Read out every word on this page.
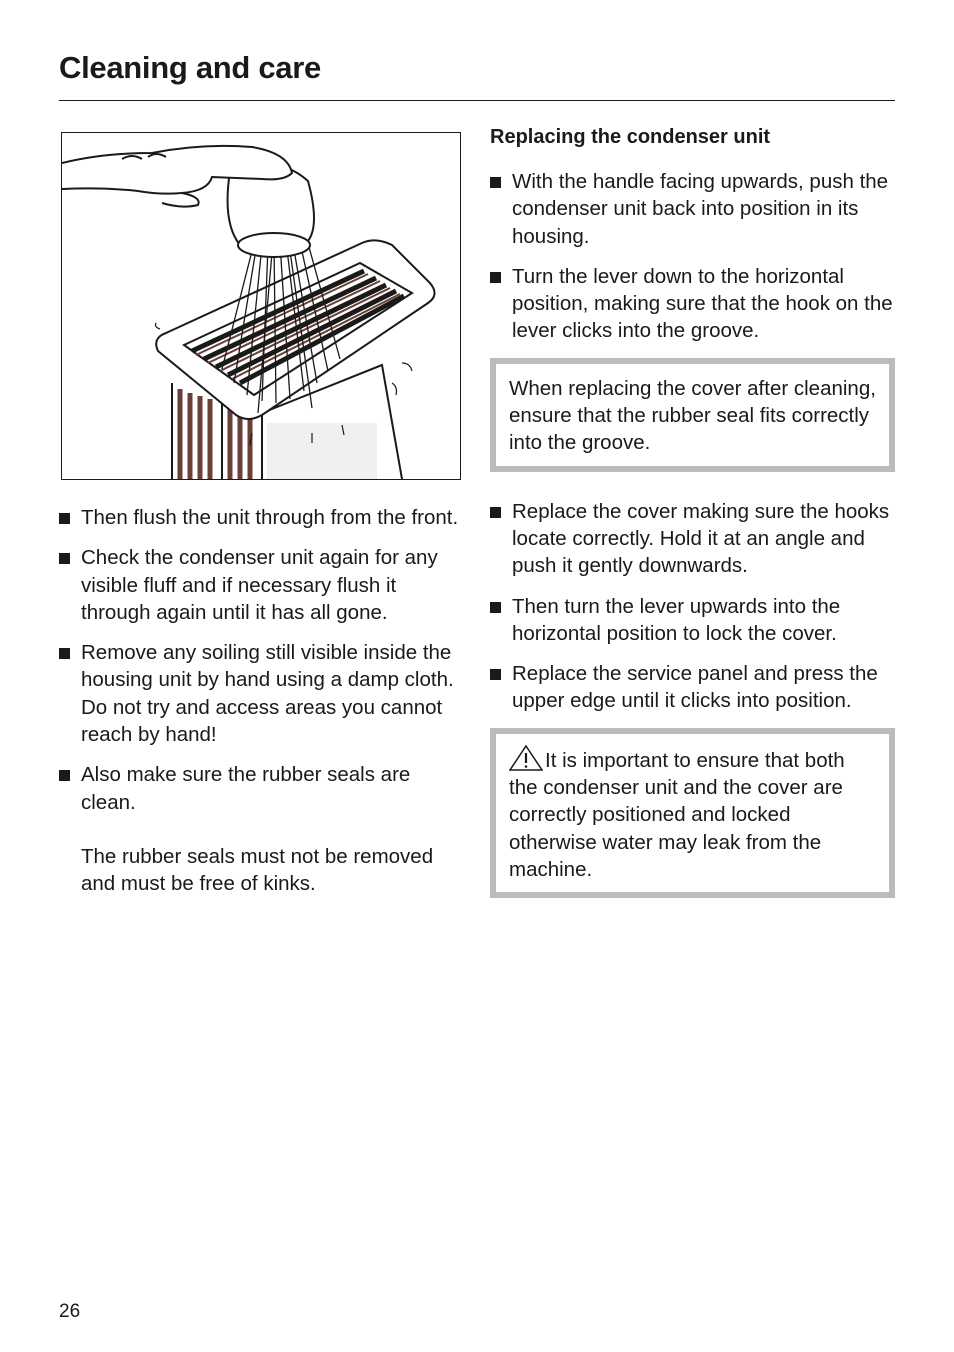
Cleaning and care
Then flush the unit through from the front.
Check the condenser unit again for any visible fluff and if necessary flush it through again until it has all gone.
Remove any soiling still visible inside the housing unit by hand using a damp cloth. Do not try and access areas you cannot reach by hand!
Also make sure the rubber seals are clean.
The rubber seals must not be removed and must be free of kinks.
Replacing the condenser unit
With the handle facing upwards, push the condenser unit back into position in its housing.
Turn the lever down to the horizontal position, making sure that the hook on the lever clicks into the groove.
When replacing the cover after cleaning, ensure that the rubber seal fits correctly into the groove.
Replace the cover making sure the hooks locate correctly. Hold it at an angle and push it gently downwards.
Then turn the lever upwards into the horizontal position to lock the cover.
Replace the service panel and press the upper edge until it clicks into position.
It is important to ensure that both the condenser unit and the cover are correctly positioned and locked otherwise water may leak from the machine.
26
